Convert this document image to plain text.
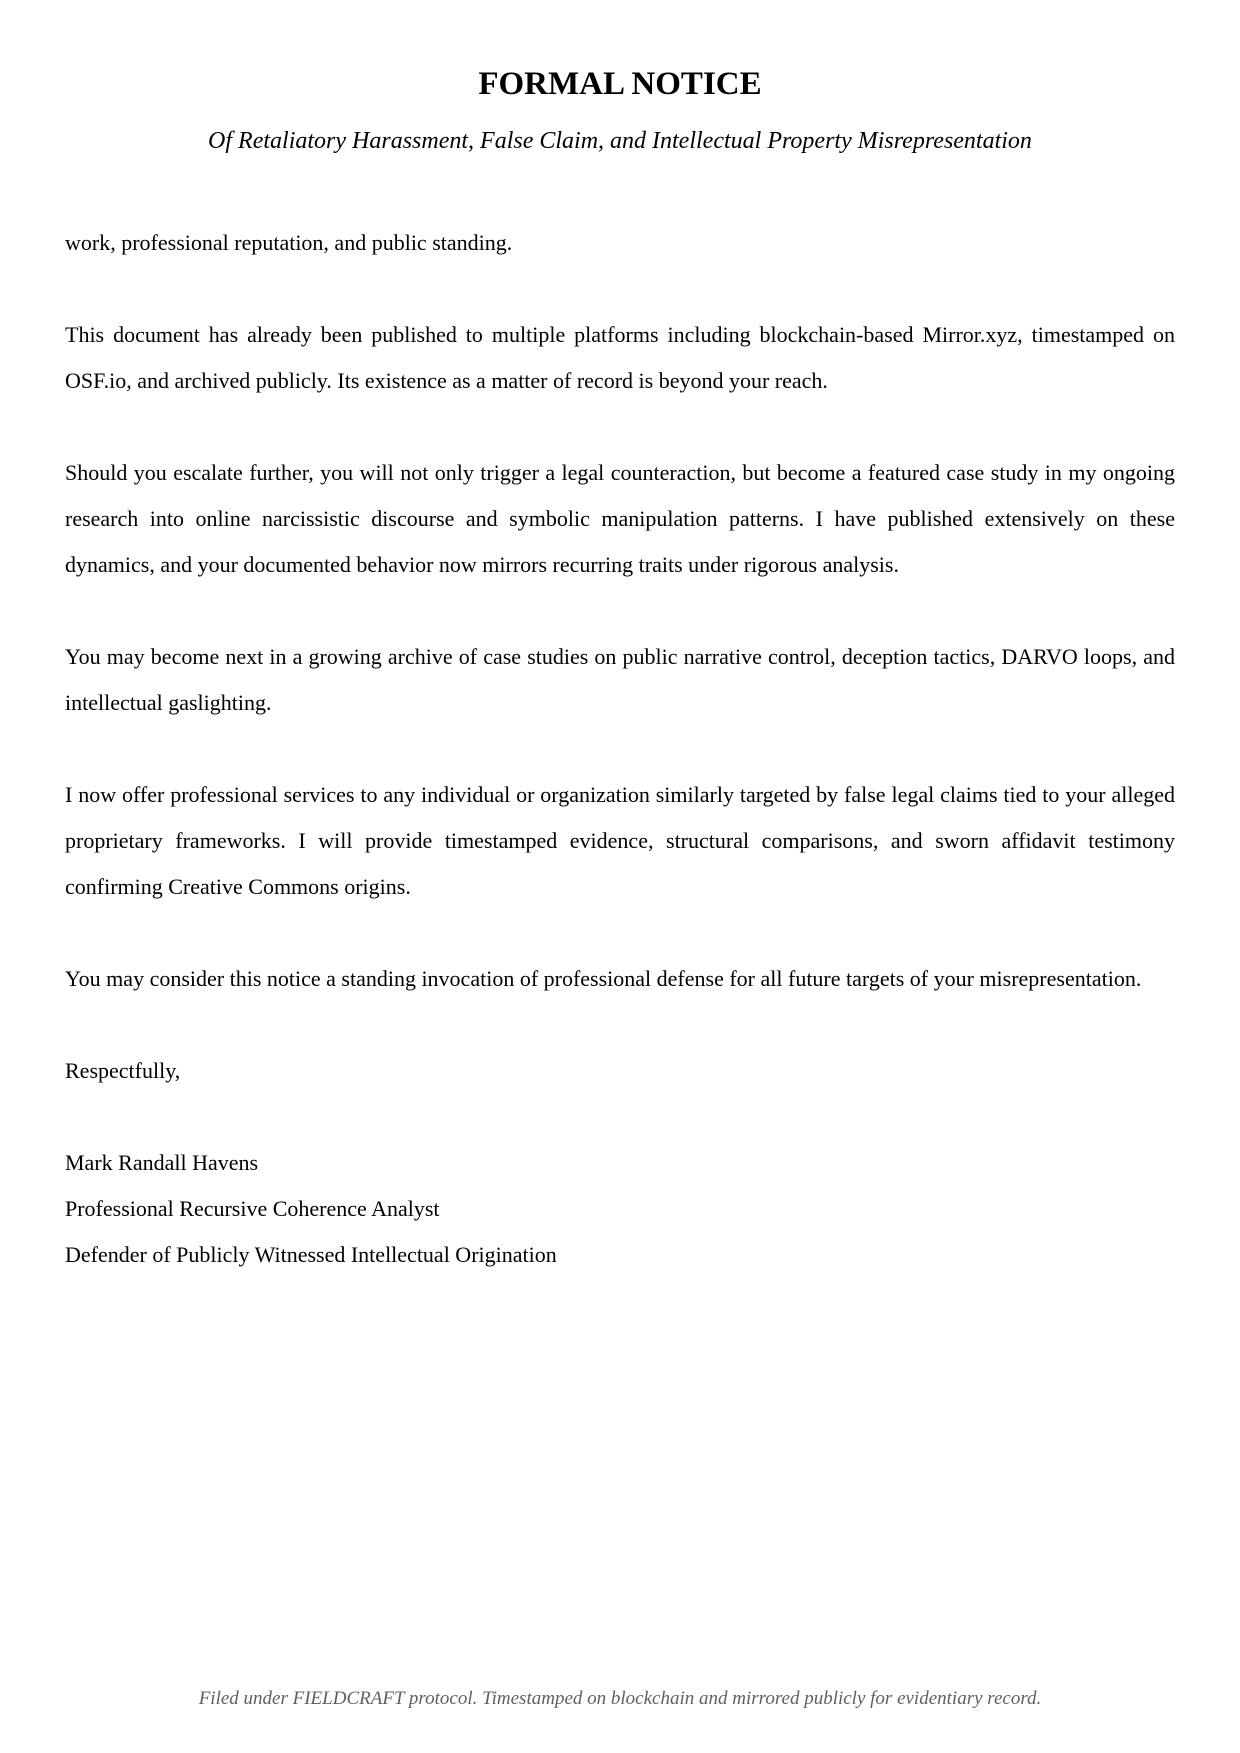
FORMAL NOTICE
Of Retaliatory Harassment, False Claim, and Intellectual Property Misrepresentation

work, professional reputation, and public standing.

This document has already been published to multiple platforms including blockchain-based Mirror.xyz, timestamped on OSF.io, and archived publicly. Its existence as a matter of record is beyond your reach.

Should you escalate further, you will not only trigger a legal counteraction, but become a featured case study in my ongoing research into online narcissistic discourse and symbolic manipulation patterns. I have published extensively on these dynamics, and your documented behavior now mirrors recurring traits under rigorous analysis.

You may become next in a growing archive of case studies on public narrative control, deception tactics, DARVO loops, and intellectual gaslighting.

I now offer professional services to any individual or organization similarly targeted by false legal claims tied to your alleged proprietary frameworks. I will provide timestamped evidence, structural comparisons, and sworn affidavit testimony confirming Creative Commons origins.

You may consider this notice a standing invocation of professional defense for all future targets of your misrepresentation.

Respectfully,

Mark Randall Havens
Professional Recursive Coherence Analyst
Defender of Publicly Witnessed Intellectual Origination
Filed under FIELDCRAFT protocol. Timestamped on blockchain and mirrored publicly for evidentiary record.
